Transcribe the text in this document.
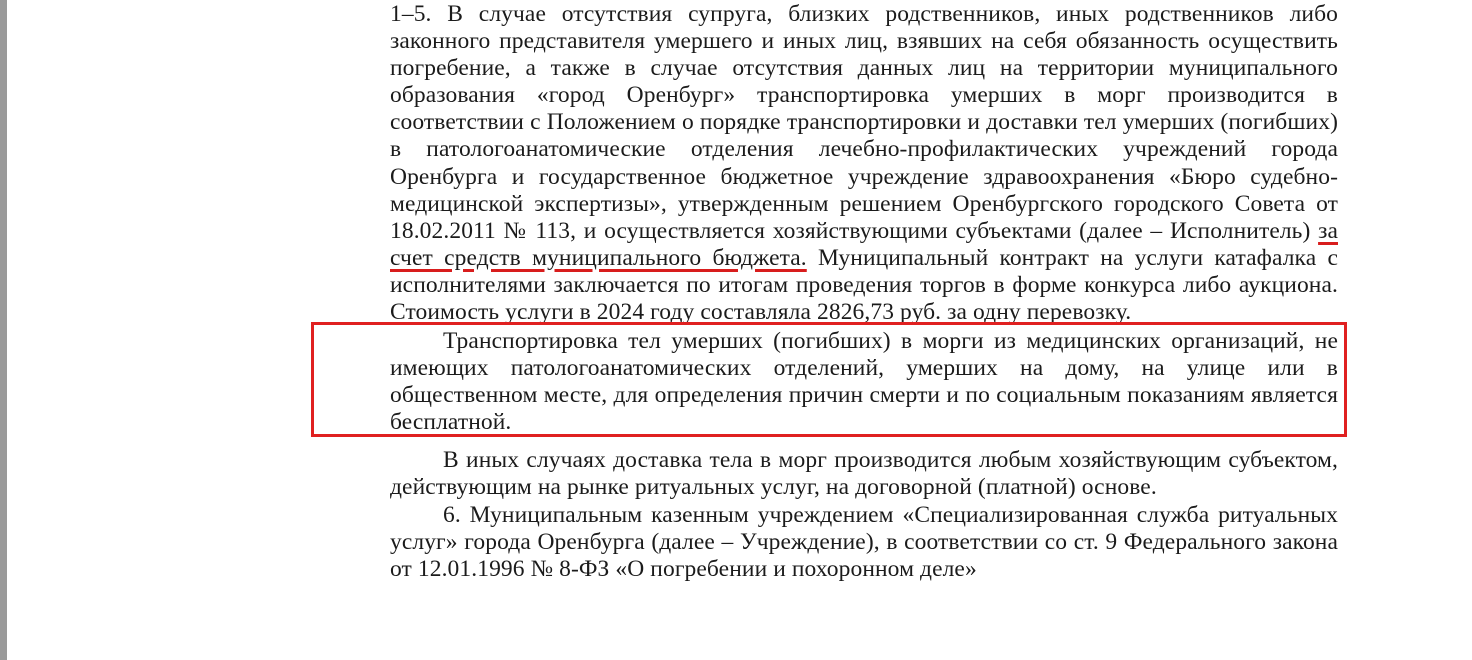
1–5. В случае отсутствия супруга, близких родственников, иных родственников либо законного представителя умершего и иных лиц, взявших на себя обязанность осуществить погребение, а также в случае отсутствия данных лиц на территории муниципального образования «город Оренбург» транспортировка умерших в морг производится в соответствии с Положением о порядке транспортировки и доставки тел умерших (погибших) в патологоанатомические отделения лечебно-профилактических учреждений города Оренбурга и государственное бюджетное учреждение здравоохранения «Бюро судебно-медицинской экспертизы», утвержденным решением Оренбургского городского Совета от 18.02.2011 № 113, и осуществляется хозяйствующими субъектами (далее – Исполнитель) за счет средств муниципального бюджета. Муниципальный контракт на услуги катафалка с исполнителями заключается по итогам проведения торгов в форме конкурса либо аукциона. Стоимость услуги в 2024 году составляла 2826,73 руб. за одну перевозку.

Транспортировка тел умерших (погибших) в морги из медицинских организаций, не имеющих патологоанатомических отделений, умерших на дому, на улице или в общественном месте, для определения причин смерти и по социальным показаниям является бесплатной.

В иных случаях доставка тела в морг производится любым хозяйствующим субъектом, действующим на рынке ритуальных услуг, на договорной (платной) основе.

6. Муниципальным казенным учреждением «Специализированная служба ритуальных услуг» города Оренбурга (далее – Учреждение), в соответствии со ст. 9 Федерального закона от 12.01.1996 № 8-ФЗ «О погребении и похоронном деле»
